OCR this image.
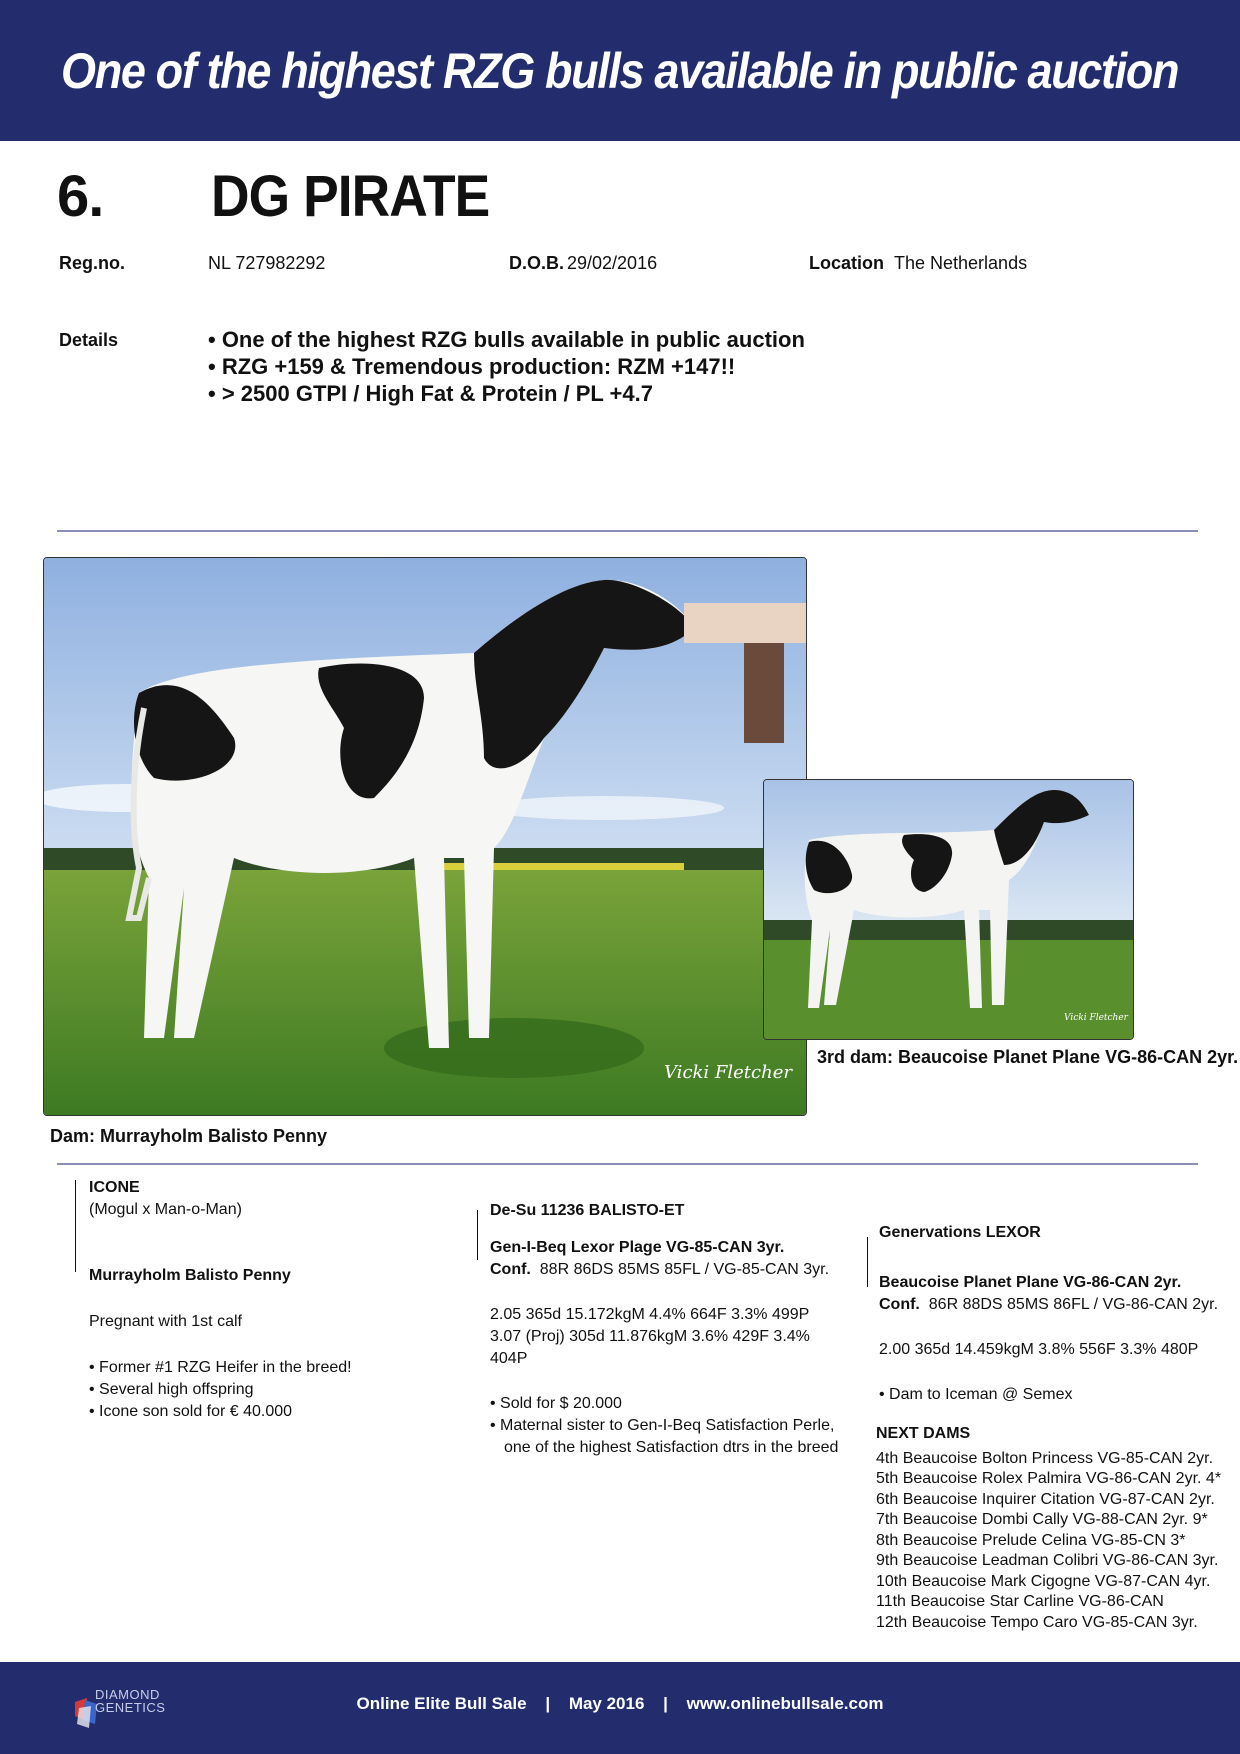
One of the highest RZG bulls available in public auction
6. DG PIRATE
Reg.no.	NL 727982292	D.O.B. 29/02/2016	Location The Netherlands
Details	• One of the highest RZG bulls available in public auction
• RZG +159 & Tremendous production: RZM +147!!
• > 2500 GTPI / High Fat & Protein / PL +4.7
Vicki Fletcher
Vicki Fletcher
3rd dam: Beaucoise Planet Plane VG-86-CAN 2yr.
Dam: Murrayholm Balisto Penny
ICONE
(Mogul x Man-o-Man)
Murrayholm Balisto Penny
Pregnant with 1st calf
• Former #1 RZG Heifer in the breed!
• Several high offspring
• Icone son sold for € 40.000
De-Su 11236 BALISTO-ET
Gen-I-Beq Lexor Plage VG-85-CAN 3yr.
Conf. 88R 86DS 85MS 85FL / VG-85-CAN 3yr.
2.05 365d 15.172kgM 4.4% 664F 3.3% 499P
3.07 (Proj) 305d 11.876kgM 3.6% 429F 3.4%
404P
• Sold for $ 20.000
• Maternal sister to Gen-I-Beq Satisfaction Perle,
one of the highest Satisfaction dtrs in the breed
Genervations LEXOR
Beaucoise Planet Plane VG-86-CAN 2yr.
Conf. 86R 88DS 85MS 86FL / VG-86-CAN 2yr.
2.00 365d 14.459kgM 3.8% 556F 3.3% 480P
• Dam to Iceman @ Semex
NEXT DAMS
4th Beaucoise Bolton Princess VG-85-CAN 2yr.
5th Beaucoise Rolex Palmira VG-86-CAN 2yr. 4*
6th Beaucoise Inquirer Citation VG-87-CAN 2yr.
7th Beaucoise Dombi Cally VG-88-CAN 2yr. 9*
8th Beaucoise Prelude Celina VG-85-CN 3*
9th Beaucoise Leadman Colibri VG-86-CAN 3yr.
10th Beaucoise Mark Cigogne VG-87-CAN 4yr.
11th Beaucoise Star Carline VG-86-CAN
12th Beaucoise Tempo Caro VG-85-CAN 3yr.
DIAMOND
GENETICS	Online Elite Bull Sale | May 2016 | www.onlinebullsale.com
